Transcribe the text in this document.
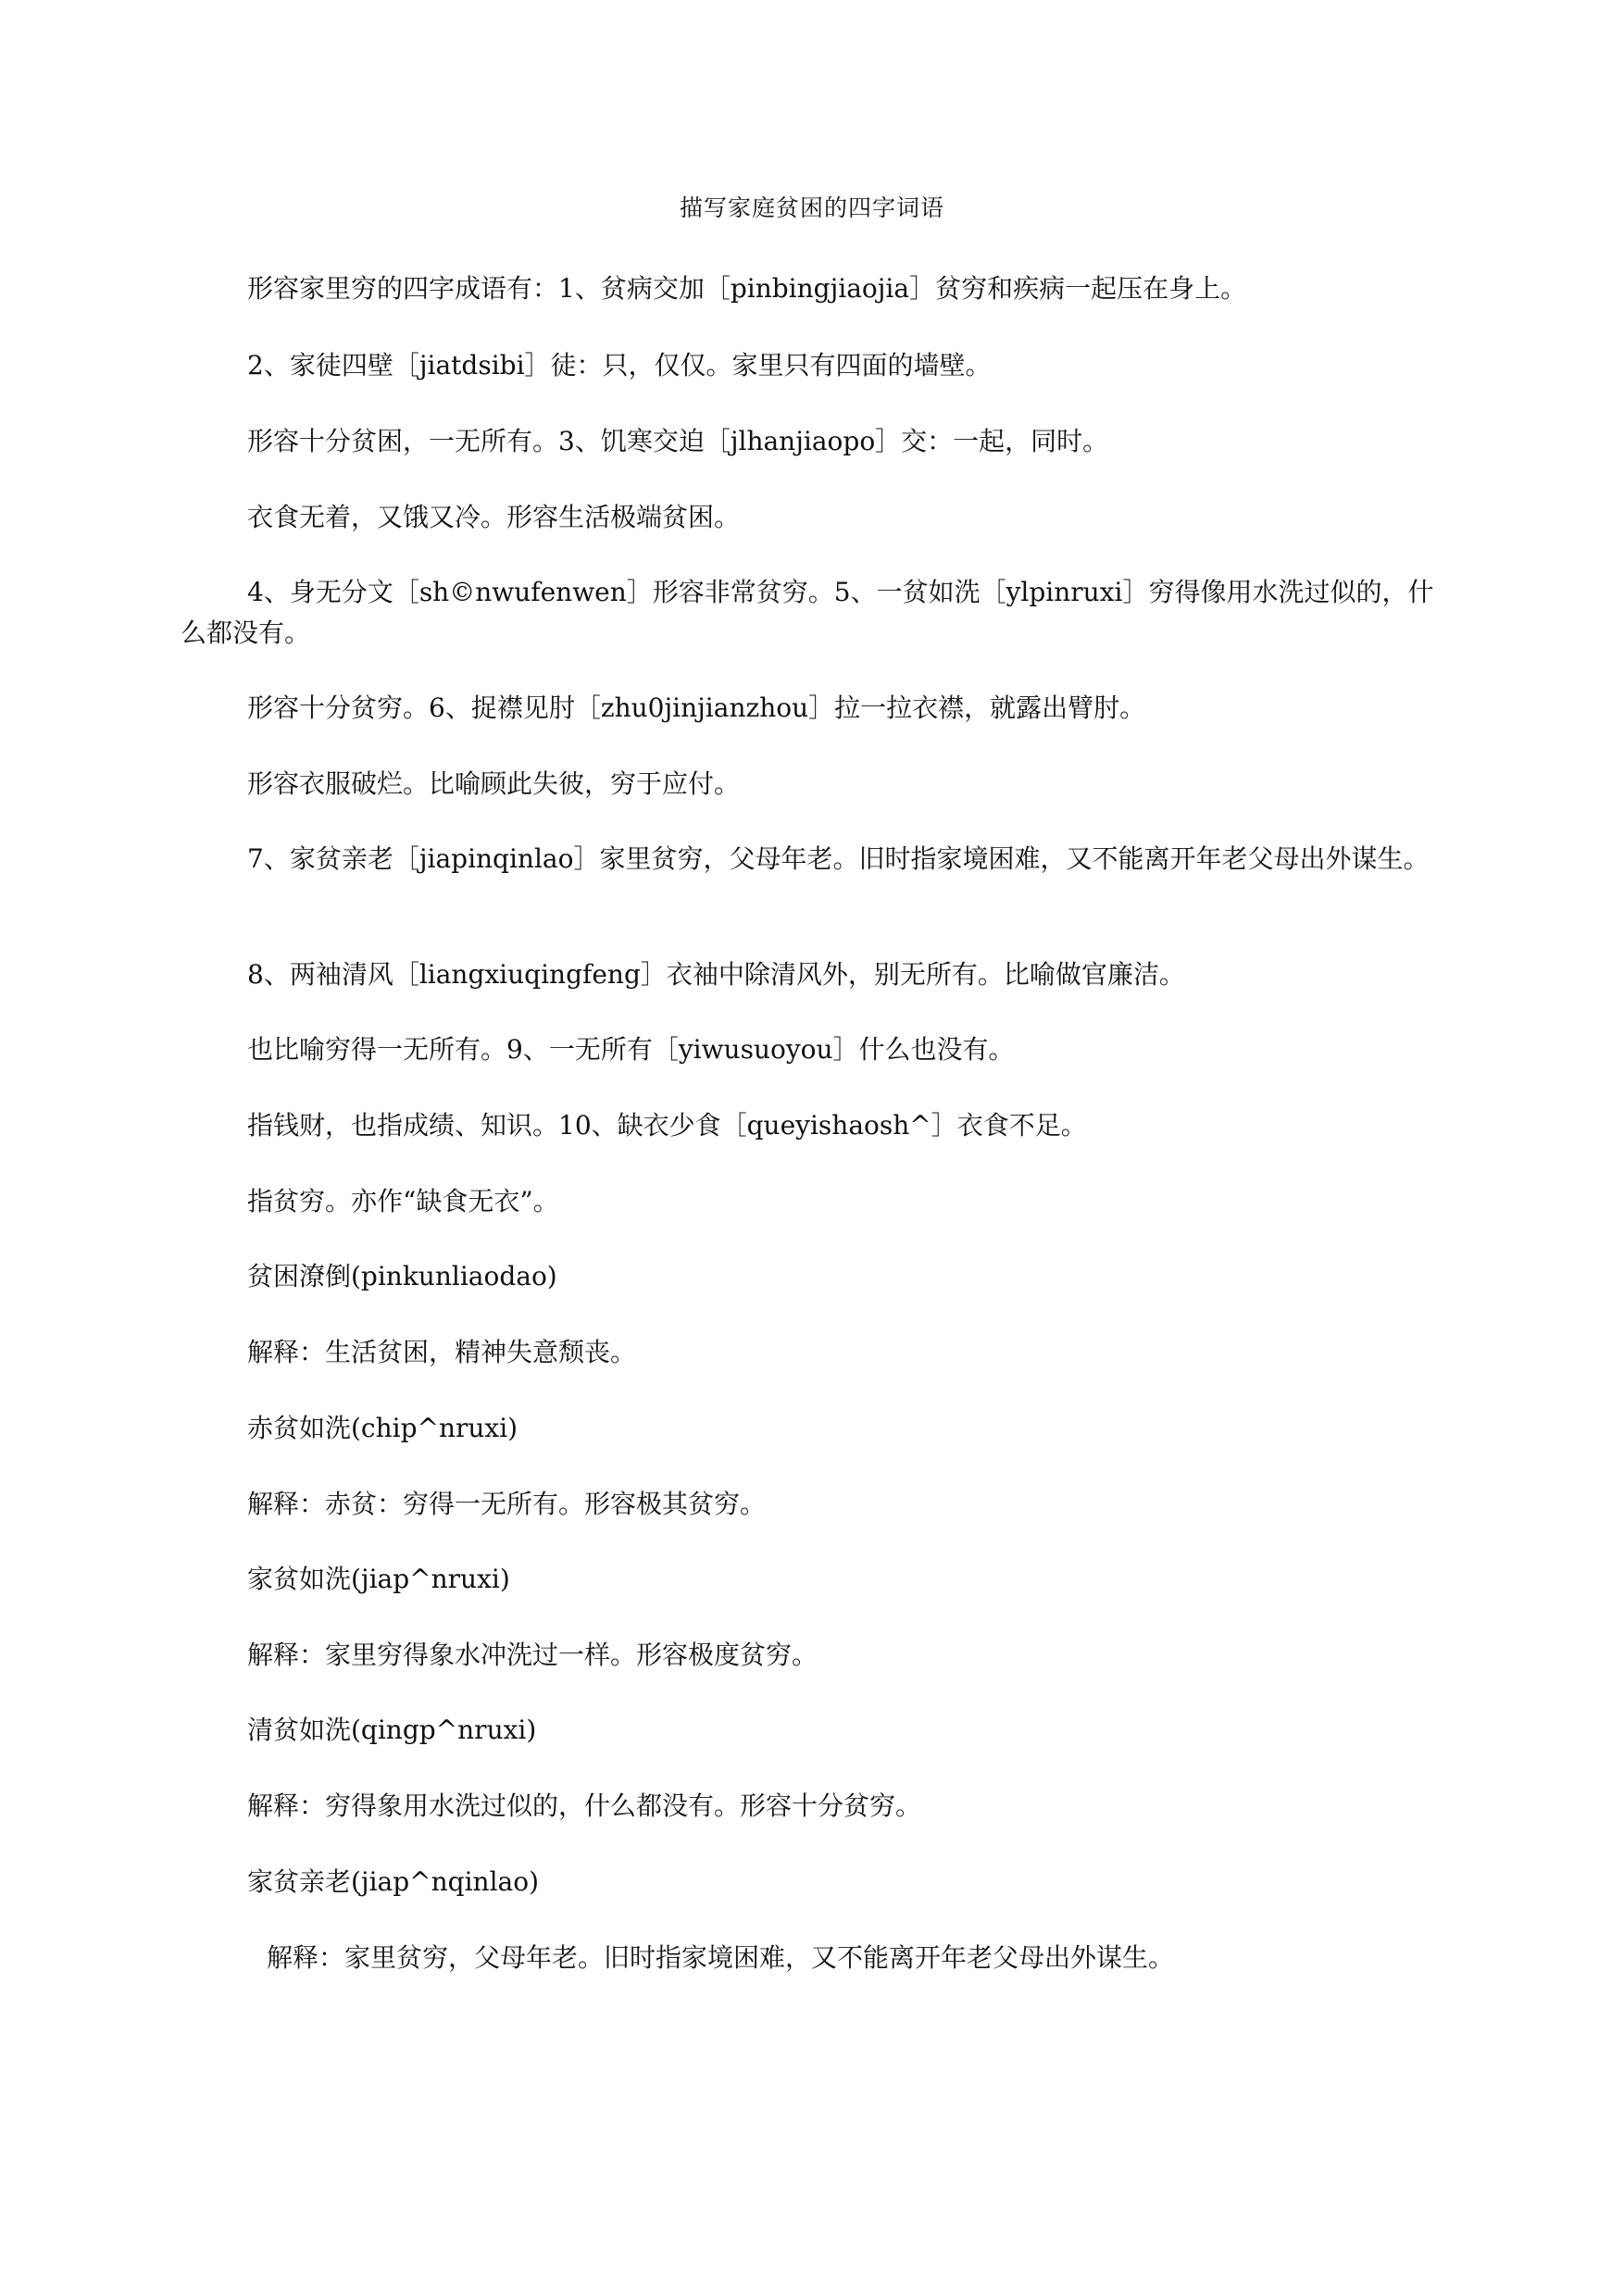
描写家庭贫困的四字词语

形容家里穷的四字成语有：1、贫病交加［pinbingjiaojia］贫穷和疾病一起压在身上。

2、家徒四壁［jiatdsibi］徒：只，仅仅。家里只有四面的墙壁。

形容十分贫困，一无所有。3、饥寒交迫［jlhanjiaopo］交：一起，同时。

衣食无着，又饿又冷。形容生活极端贫困。

4、身无分文［sh©nwufenwen］形容非常贫穷。5、一贫如洗［ylpinruxi］穷得像用水洗过似的，什么都没有。

形容十分贫穷。6、捉襟见肘［zhu0jinjianzhou］拉一拉衣襟，就露出臂肘。

形容衣服破烂。比喻顾此失彼，穷于应付。

7、家贫亲老［jiapinqinlao］家里贫穷，父母年老。旧时指家境困难，又不能离开年老父母出外谋生。

8、两袖清风［liangxiuqingfeng］衣袖中除清风外，别无所有。比喻做官廉洁。

也比喻穷得一无所有。9、一无所有［yiwusuoyou］什么也没有。

指钱财，也指成绩、知识。10、缺衣少食［queyishaosh^］衣食不足。

指贫穷。亦作“缺食无衣”。

贫困潦倒(pinkunliaodao)

解释：生活贫困，精神失意颓丧。

赤贫如洗(chip^nruxi)

解释：赤贫：穷得一无所有。形容极其贫穷。

家贫如洗(jiap^nruxi)

解释：家里穷得象水冲洗过一样。形容极度贫穷。

清贫如洗(qingp^nruxi)

解释：穷得象用水洗过似的，什么都没有。形容十分贫穷。

家贫亲老(jiap^nqinlao)

解释：家里贫穷，父母年老。旧时指家境困难，又不能离开年老父母出外谋生。
